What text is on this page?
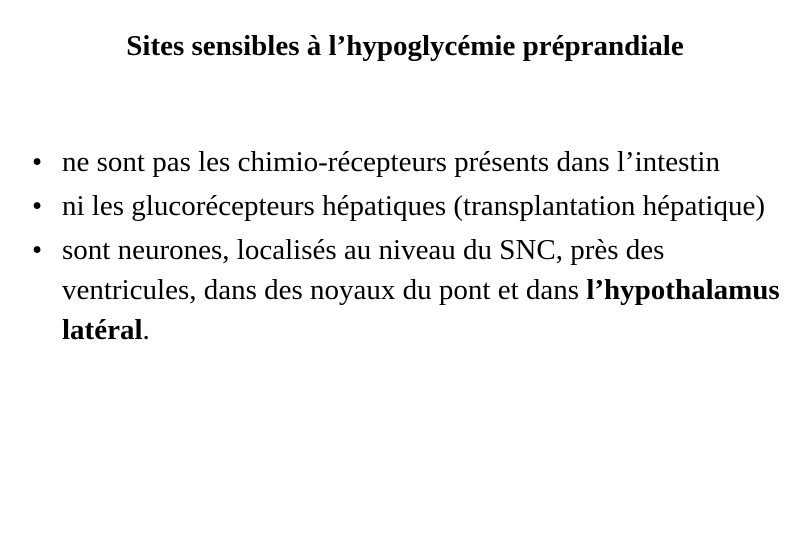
Sites sensibles à l’hypoglycémie préprandiale
• ne sont pas les chimio-récepteurs présents dans l’intestin
• ni les glucorécepteurs hépatiques (transplantation hépatique)
• sont neurones, localisés au niveau du SNC, près des ventricules, dans des noyaux du pont et dans l’hypothalamus latéral.
